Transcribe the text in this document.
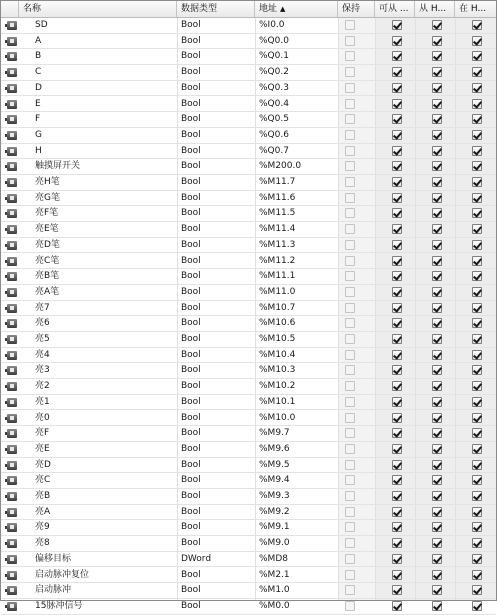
名称	数据类型	地址 ▲	保持	可从 ...	从 H...	在 H...
SD	Bool	%I0.0
A	Bool	%Q0.0
B	Bool	%Q0.1
C	Bool	%Q0.2
D	Bool	%Q0.3
E	Bool	%Q0.4
F	Bool	%Q0.5
G	Bool	%Q0.6
H	Bool	%Q0.7
触摸屏开关	Bool	%M200.0
亮H笔	Bool	%M11.7
亮G笔	Bool	%M11.6
亮F笔	Bool	%M11.5
亮E笔	Bool	%M11.4
亮D笔	Bool	%M11.3
亮C笔	Bool	%M11.2
亮B笔	Bool	%M11.1
亮A笔	Bool	%M11.0
亮7	Bool	%M10.7
亮6	Bool	%M10.6
亮5	Bool	%M10.5
亮4	Bool	%M10.4
亮3	Bool	%M10.3
亮2	Bool	%M10.2
亮1	Bool	%M10.1
亮0	Bool	%M10.0
亮F	Bool	%M9.7
亮E	Bool	%M9.6
亮D	Bool	%M9.5
亮C	Bool	%M9.4
亮B	Bool	%M9.3
亮A	Bool	%M9.2
亮9	Bool	%M9.1
亮8	Bool	%M9.0
偏移目标	DWord	%MD8
启动脉冲复位	Bool	%M2.1
启动脉冲	Bool	%M1.0
15脉冲信号	Bool	%M0.0
